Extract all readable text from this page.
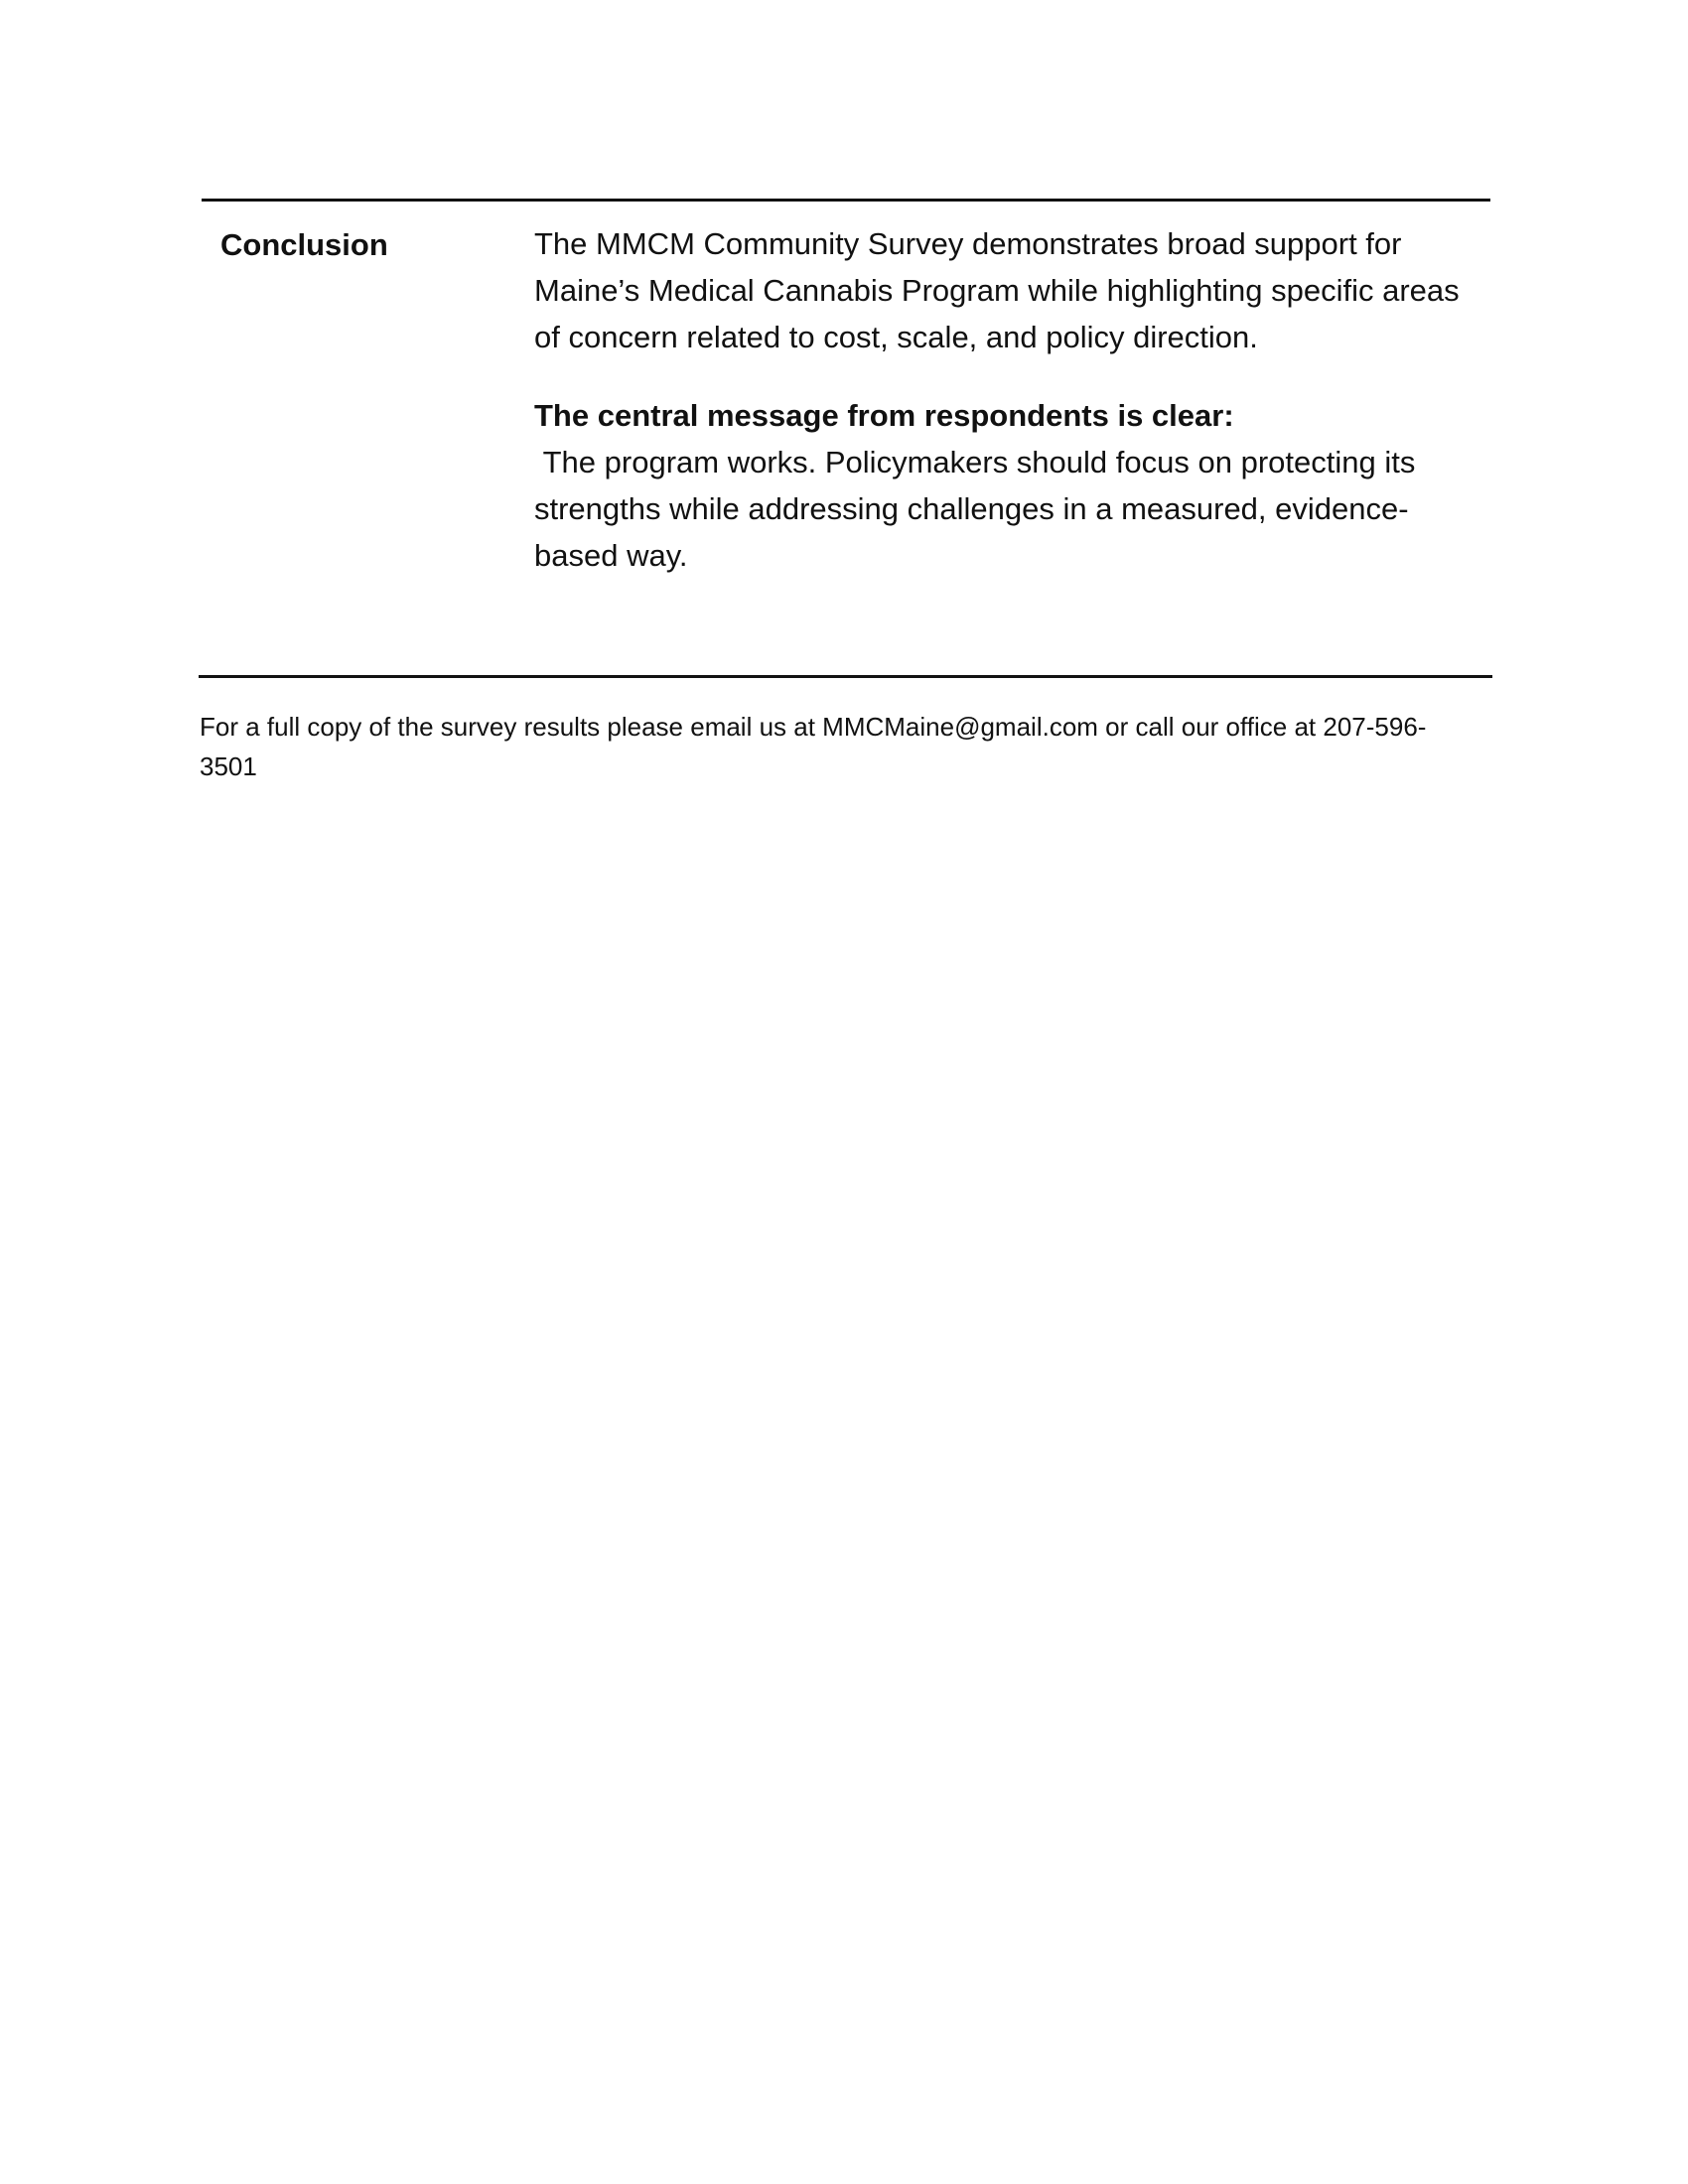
Conclusion	The MMCM Community Survey demonstrates broad support for Maine’s Medical Cannabis Program while highlighting specific areas of concern related to cost, scale, and policy direction.

The central message from respondents is clear:
The program works. Policymakers should focus on protecting its strengths while addressing challenges in a measured, evidence-based way.

For a full copy of the survey results please email us at MMCMaine@gmail.com or call our office at 207-596-3501
